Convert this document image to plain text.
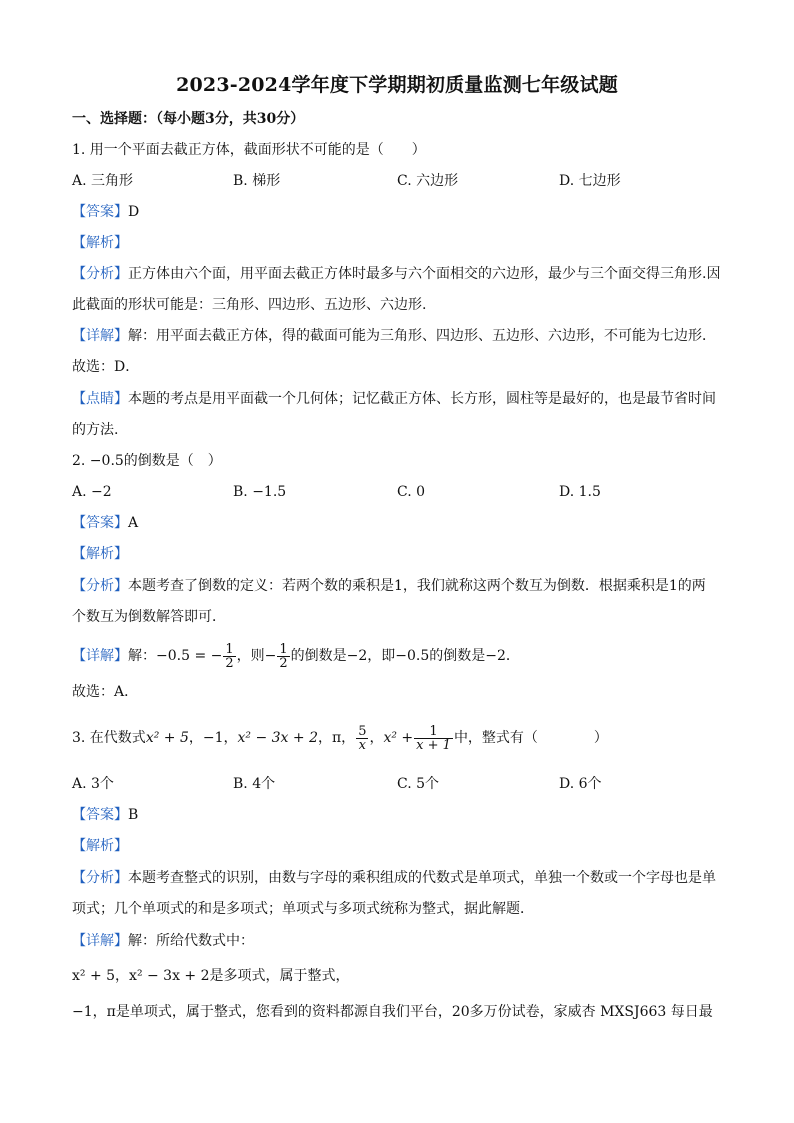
2023-2024学年度下学期期初质量监测七年级试题
一、选择题：（每小题3分，共30分）
1. 用一个平面去截正方体，截面形状不可能的是（　　）
A. 三角形	B. 梯形	C. 六边形	D. 七边形
【答案】D
【解析】
【分析】正方体由六个面，用平面去截正方体时最多与六个面相交的六边形，最少与三个面交得三角形.因
此截面的形状可能是：三角形、四边形、五边形、六边形.
【详解】解：用平面去截正方体，得的截面可能为三角形、四边形、五边形、六边形，不可能为七边形．
故选：D．
【点睛】本题的考点是用平面截一个几何体；记忆截正方体、长方形，圆柱等是最好的，也是最节省时间
的方法.
2. −0.5的倒数是（　）
A. −2	B. −1.5	C. 0	D. 1.5
【答案】A
【解析】
【分析】本题考查了倒数的定义：若两个数的乘积是1，我们就称这两个数互为倒数．根据乘积是1的两
个数互为倒数解答即可．
【详解】解：−0.5 = − $\frac{1}{2}$ ，则− $\frac{1}{2}$ 的倒数是−2，即−0.5的倒数是−2．
故选：A．
3. 在代数式x² + 5，−1，x² − 3x + 2，π， $\frac{5}{x}$ ，$x^2 + \frac{1}{x + 1}$ 中，整式有（　　　　）
A. 3个	B. 4个	C. 5个	D. 6个
【答案】B
【解析】
【分析】本题考查整式的识别，由数与字母的乘积组成的代数式是单项式，单独一个数或一个字母也是单
项式；几个单项式的和是多项式；单项式与多项式统称为整式，据此解题．
【详解】解：所给代数式中：
x² + 5，x² − 3x + 2是多项式，属于整式，
−1，π是单项式，属于整式，您看到的资料都源自我们平台，20多万份试卷，家威杏 MXSJ663 每日最
